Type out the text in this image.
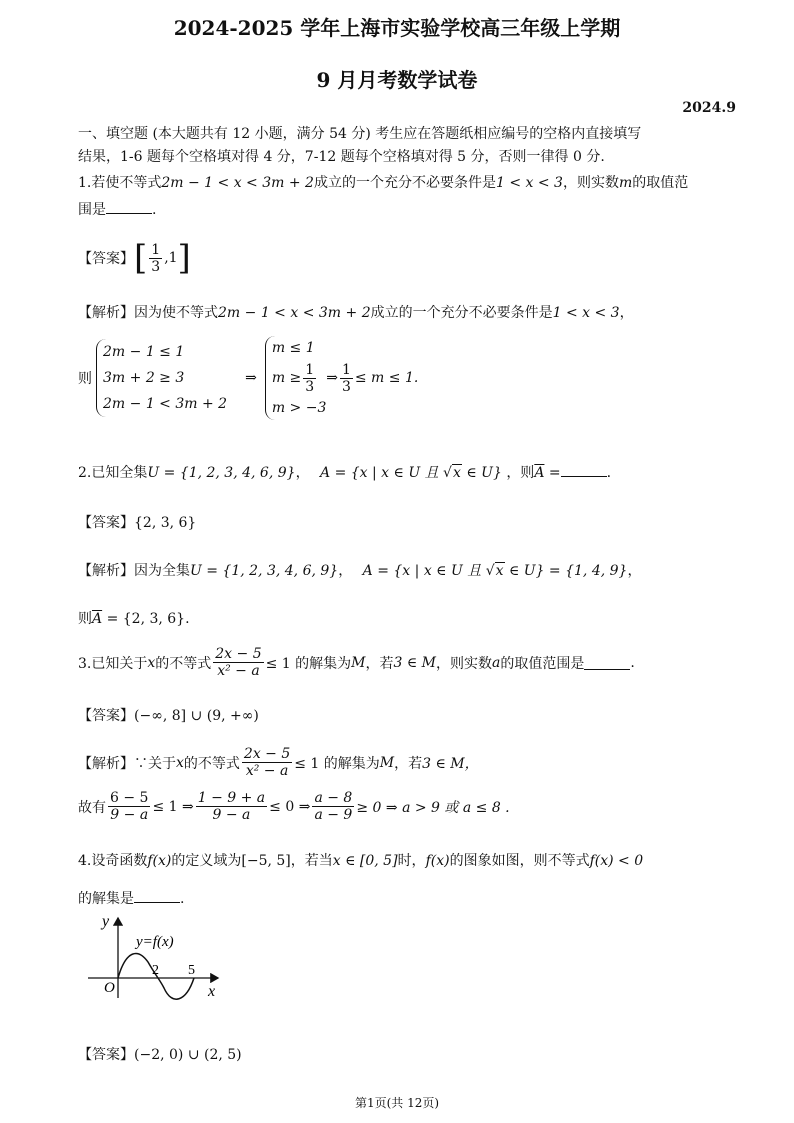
2024-2025 学年上海市实验学校高三年级上学期
9 月月考数学试卷
2024.9
一、填空题 (本大题共有 12 小题，满分 54 分) 考生应在答题纸相应编号的空格内直接填写
结果，1-6 题每个空格填对得 4 分，7-12 题每个空格填对得 5 分，否则一律得 0 分.
1.若使不等式2m − 1 < x < 3m + 2成立的一个充分不必要条件是1 < x < 3，则实数m的取值范
围是	.
【答案】 [ $\frac{1}{3} ,1$ ]
【解析】因为使不等式2m − 1 < x < 3m + 2成立的一个充分不必要条件是1 < x < 3，
则
2m − 1 ≤ 1
3m + 2 ≥ 3
2m − 1 < 3m + 2
⇒
m ≤ 1
$m \ge \frac{1}{3}$ ⇒ $\frac{1}{3} \le m \le 1$.
m > −3
2.已知全集U = {1, 2, 3, 4, 6, 9}， A = {x | x ∈ U 且 √x ∈ U} ，则$\overline{A}$ =	.
【答案】{2, 3, 6}
【解析】因为全集U = {1, 2, 3, 4, 6, 9}， A = {x | x ∈ U 且 √x ∈ U} = {1, 4, 9}，
则$\overline{A} = \{2$, 3, 6}.
3.已知关于 x 的不等式 $\frac{2x - 5}{\text{x² − a}} \le 1$ 的解集为 M ，若 3 ∈ M ，则实数 a 的取值范围是	.
【答案】(−∞, 8] ∪ (9, +∞)
【解析】 ∵关于 x 的不等式 $\frac{2x - 5}{\text{x² − a}} \le 1$ 的解集为 M ，若 3 ∈ M，
故有 $\frac{6 - 5}{9 - a} \le 1$ ⇒ $\frac{1 - 9 + a}{9 - a} \le 0$ ⇒ $\frac{a - 8}{a - 9} \ge 0$ ⇒ a > 9 或 a ≤ 8 .
4.设奇函数f(x)的定义域为[−5, 5]，若当x ∈ [0, 5]时，f(x)的图象如图，则不等式f(x) < 0
的解集是	.
y
y=f(x)
2 5
O	x
【答案】(−2, 0) ∪ (2, 5)
第1页(共 12页)
